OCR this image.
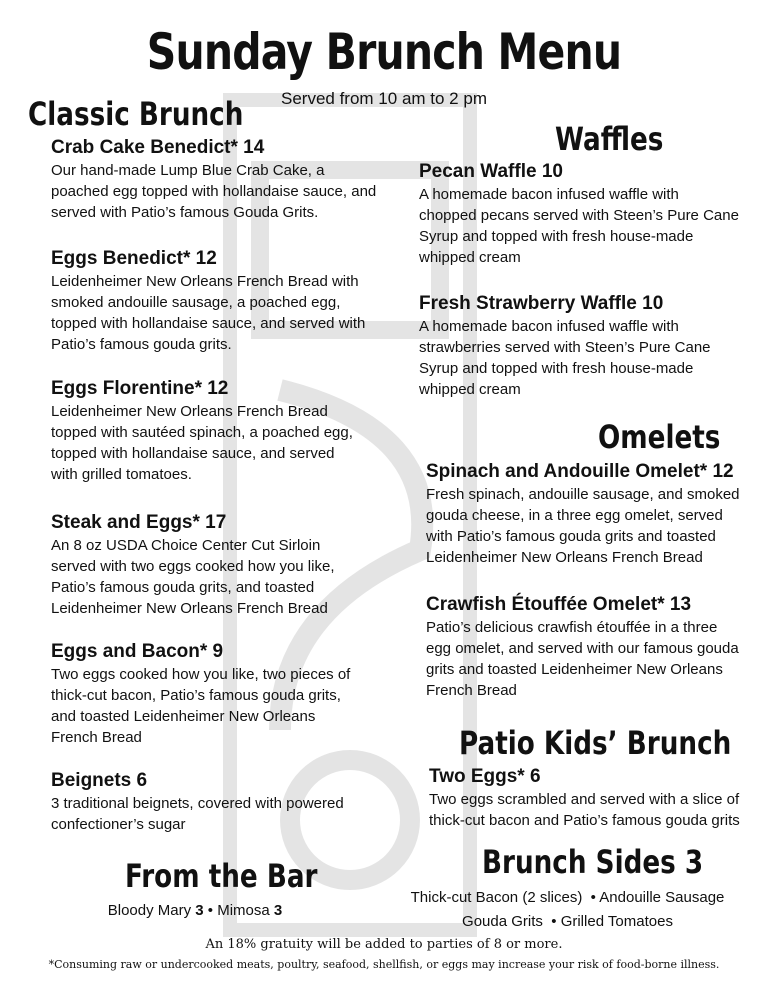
Sunday Brunch Menu
Served from 10 am to 2 pm
Classic Brunch
Crab Cake Benedict* 14
Our hand-made Lump Blue Crab Cake, a poached egg topped with hollandaise sauce, and served with Patio’s famous Gouda Grits.
Eggs Benedict* 12
Leidenheimer New Orleans French Bread with smoked andouille sausage, a poached egg, topped with hollandaise sauce, and served with Patio’s famous gouda grits.
Eggs Florentine* 12
Leidenheimer New Orleans French Bread topped with sautéed spinach, a poached egg, topped with hollandaise sauce, and served with grilled tomatoes.
Steak and Eggs* 17
An 8 oz USDA Choice Center Cut Sirloin served with two eggs cooked how you like, Patio’s famous gouda grits, and toasted Leidenheimer New Orleans French Bread
Eggs and Bacon* 9
Two eggs cooked how you like, two pieces of thick-cut bacon, Patio’s famous gouda grits, and toasted Leidenheimer New Orleans French Bread
Beignets 6
3 traditional beignets, covered with powered confectioner’s sugar
Waffles
Pecan Waffle 10
A homemade bacon infused waffle with chopped pecans served with Steen’s Pure Cane Syrup and topped with fresh house-made whipped cream
Fresh Strawberry Waffle 10
A homemade bacon infused waffle with strawberries served with Steen’s Pure Cane Syrup and topped with fresh house-made whipped cream
Omelets
Spinach and Andouille Omelet* 12
Fresh spinach, andouille sausage, and smoked gouda cheese, in a three egg omelet, served with Patio’s famous gouda grits and toasted Leidenheimer New Orleans French Bread
Crawfish Étouffée Omelet* 13
Patio’s delicious crawfish étouffée in a three egg omelet, and served with our famous gouda grits and toasted Leidenheimer New Orleans French Bread
Patio Kids’ Brunch
Two Eggs* 6
Two eggs scrambled and served with a slice of thick-cut bacon and Patio’s famous gouda grits
From the Bar
Bloody Mary 3 • Mimosa 3
Brunch Sides 3
Thick-cut Bacon (2 slices) • Andouille Sausage
Gouda Grits • Grilled Tomatoes
An 18% gratuity will be added to parties of 8 or more.
*Consuming raw or undercooked meats, poultry, seafood, shellfish, or eggs may increase your risk of food-borne illness.
